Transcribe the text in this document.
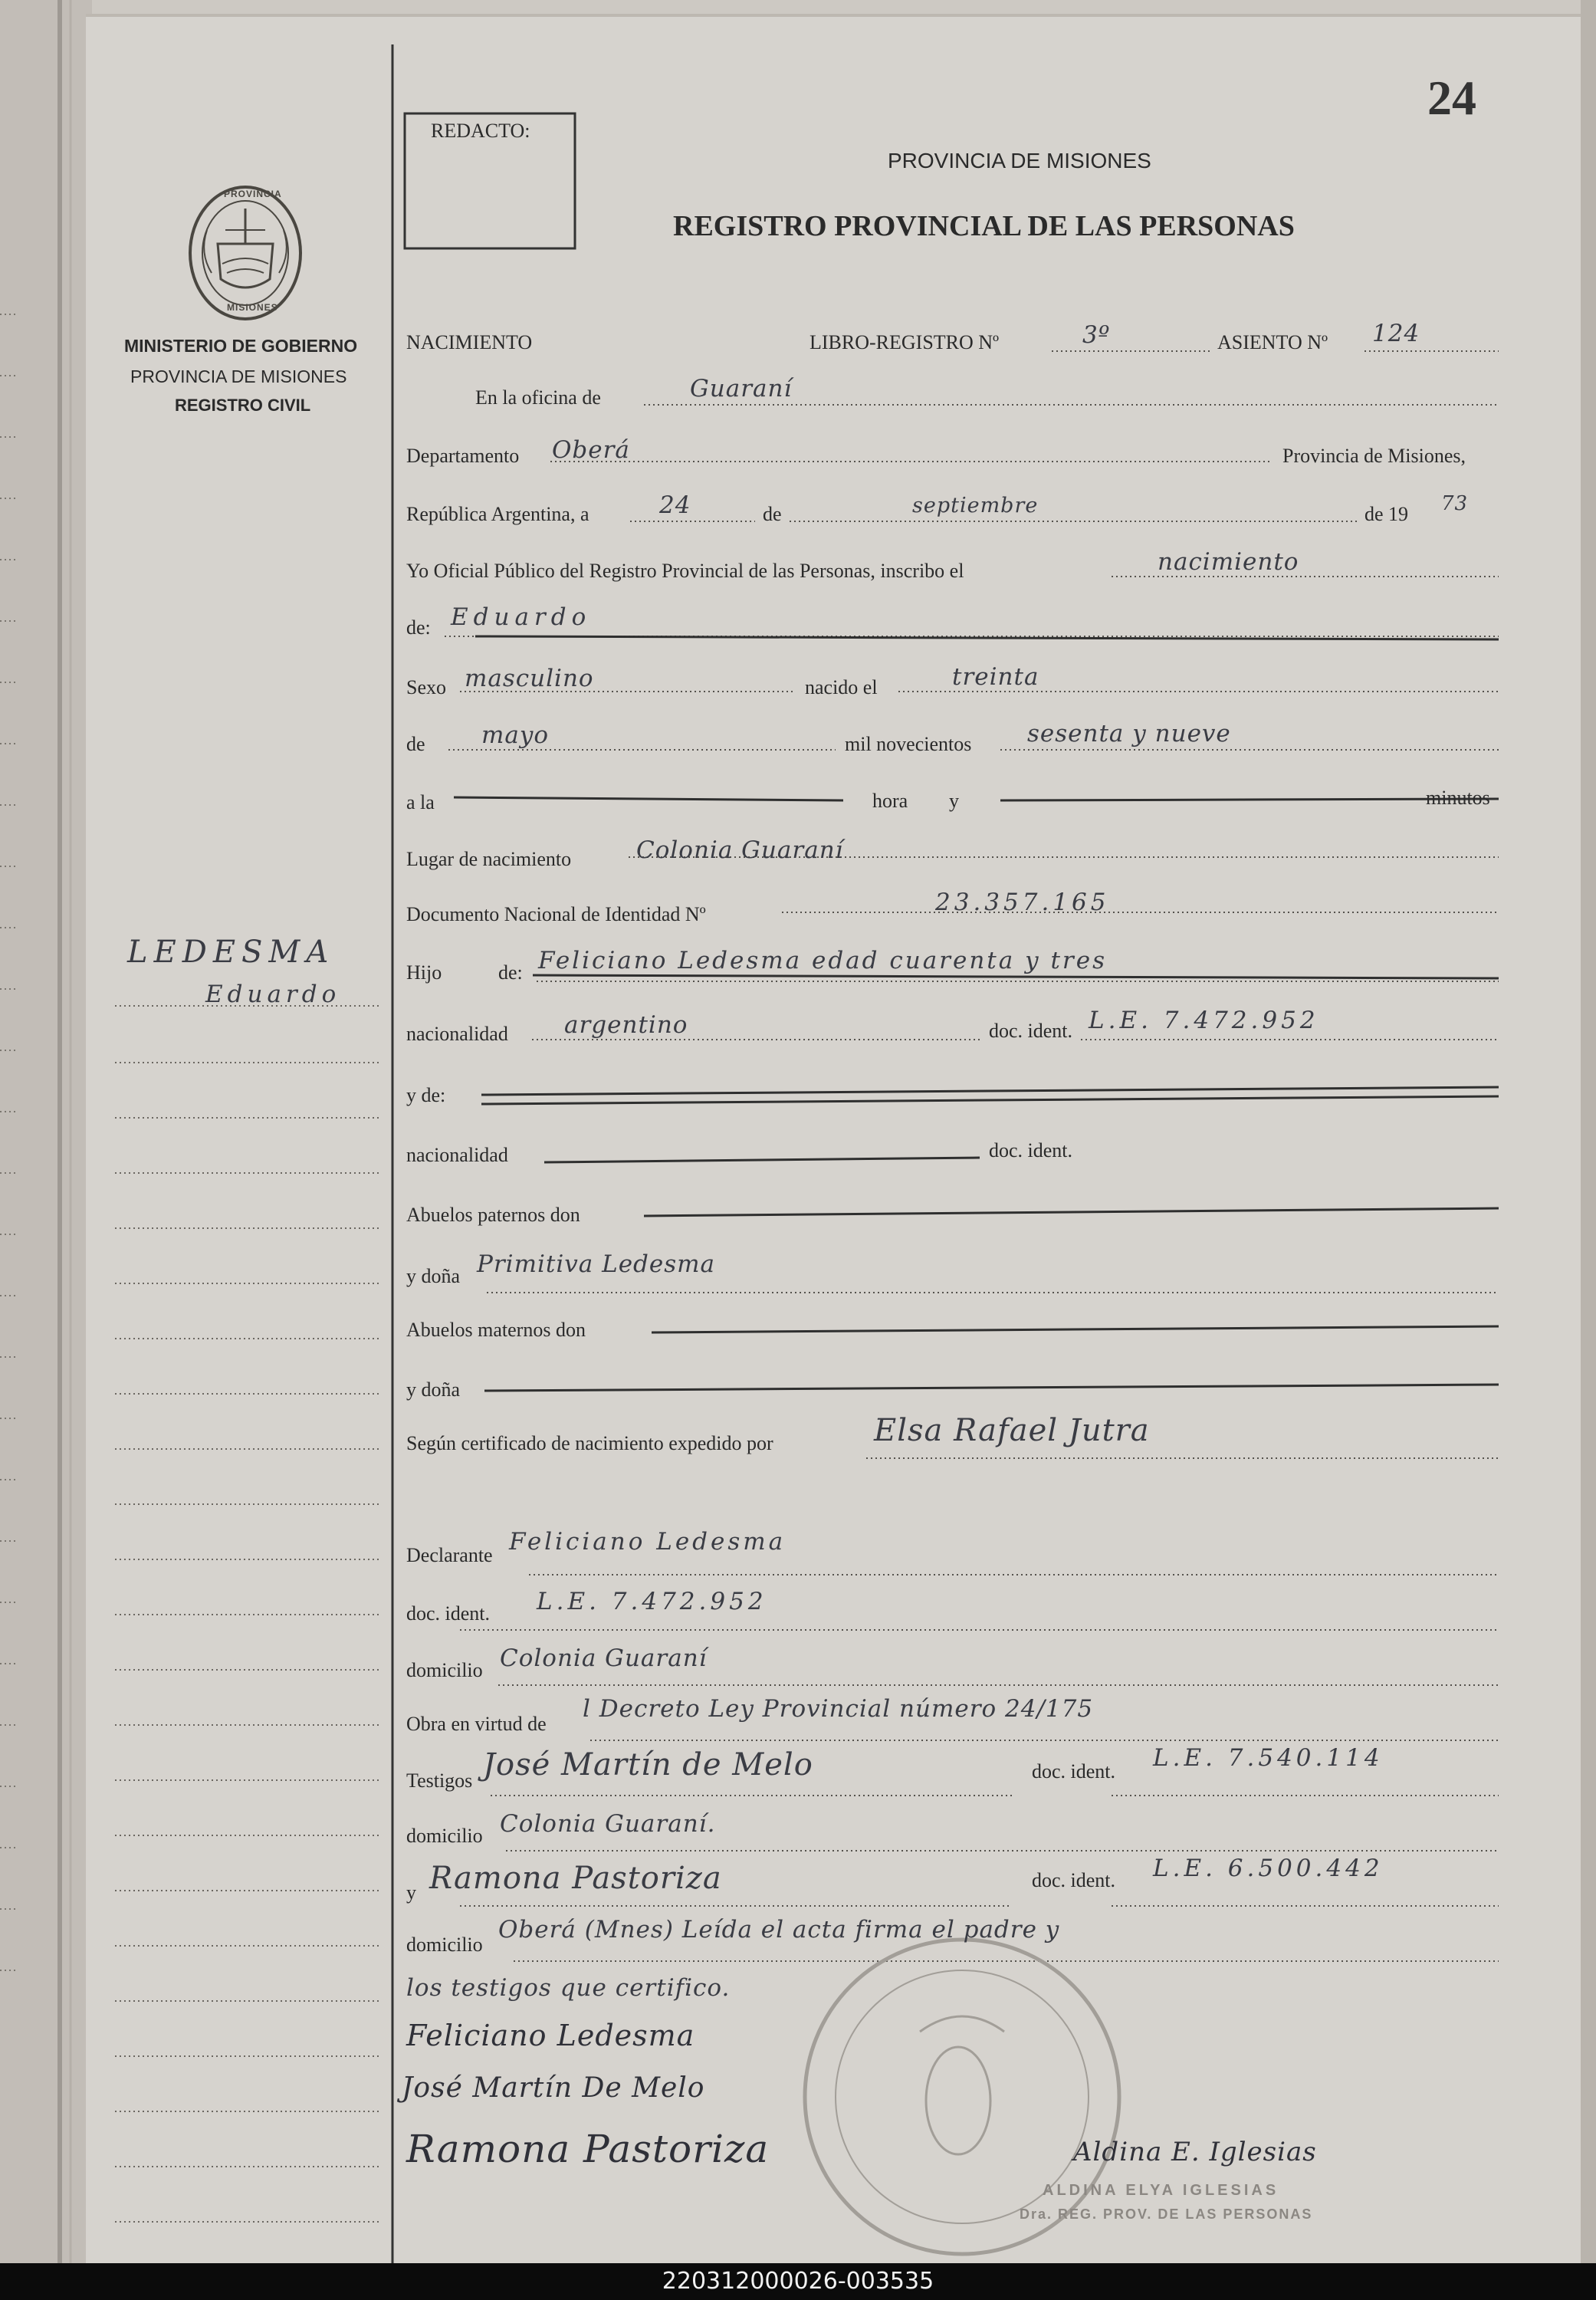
24
REDACTO:
PROVINCIA DE MISIONES
REGISTRO PROVINCIAL DE LAS PERSONAS
PROVINCIA
MISIONES
MINISTERIO DE GOBIERNO
PROVINCIA DE MISIONES
REGISTRO CIVIL
LEDESMA
Eduardo
NACIMIENTO	LIBRO-REGISTRO Nº	3º	ASIENTO Nº 124
En la oficina de	Guaraní
Departamento Oberá	Provincia de Misiones,
República Argentina, a	24	de	septiembre	de 19 73
Yo Oficial Público del Registro Provincial de las Personas, inscribo el	nacimiento
de: Eduardo
Sexo masculino	nacido el	treinta
de mayo	mil novecientos sesenta y nueve
a la	hora y	minutos
Lugar de nacimiento	Colonia Guaraní
Documento Nacional de Identidad Nº	23.357.165
Hijo	de: Feliciano Ledesma edad cuarenta y tres
nacionalidad argentino	doc. ident. L.E. 7.472.952
y de:
nacionalidad	doc. ident.
Abuelos paternos don
y doña Primitiva Ledesma
Abuelos maternos don
y doña
Según certificado de nacimiento expedido por	Elsa Rafael Jutra
Declarante Feliciano Ledesma
doc. ident. L.E. 7.472.952
domicilio Colonia Guaraní
Obra en virtud de
l Decreto Ley Provincial número 24/175
Testigos José Martín de Melo	doc. ident. L.E. 7.540.114
domicilio Colonia Guaraní.
y Ramona Pastoriza	doc. ident. L.E. 6.500.442
domicilio
Oberá (Mnes) Leída el acta firma el padre y
los testigos que certifico.
Feliciano Ledesma
José Martín De Melo
Ramona Pastoriza	Aldina E. Iglesias
ALDINA ELYA IGLESIAS
Dra. REG. PROV. DE LAS PERSONAS
220312000026-003535
